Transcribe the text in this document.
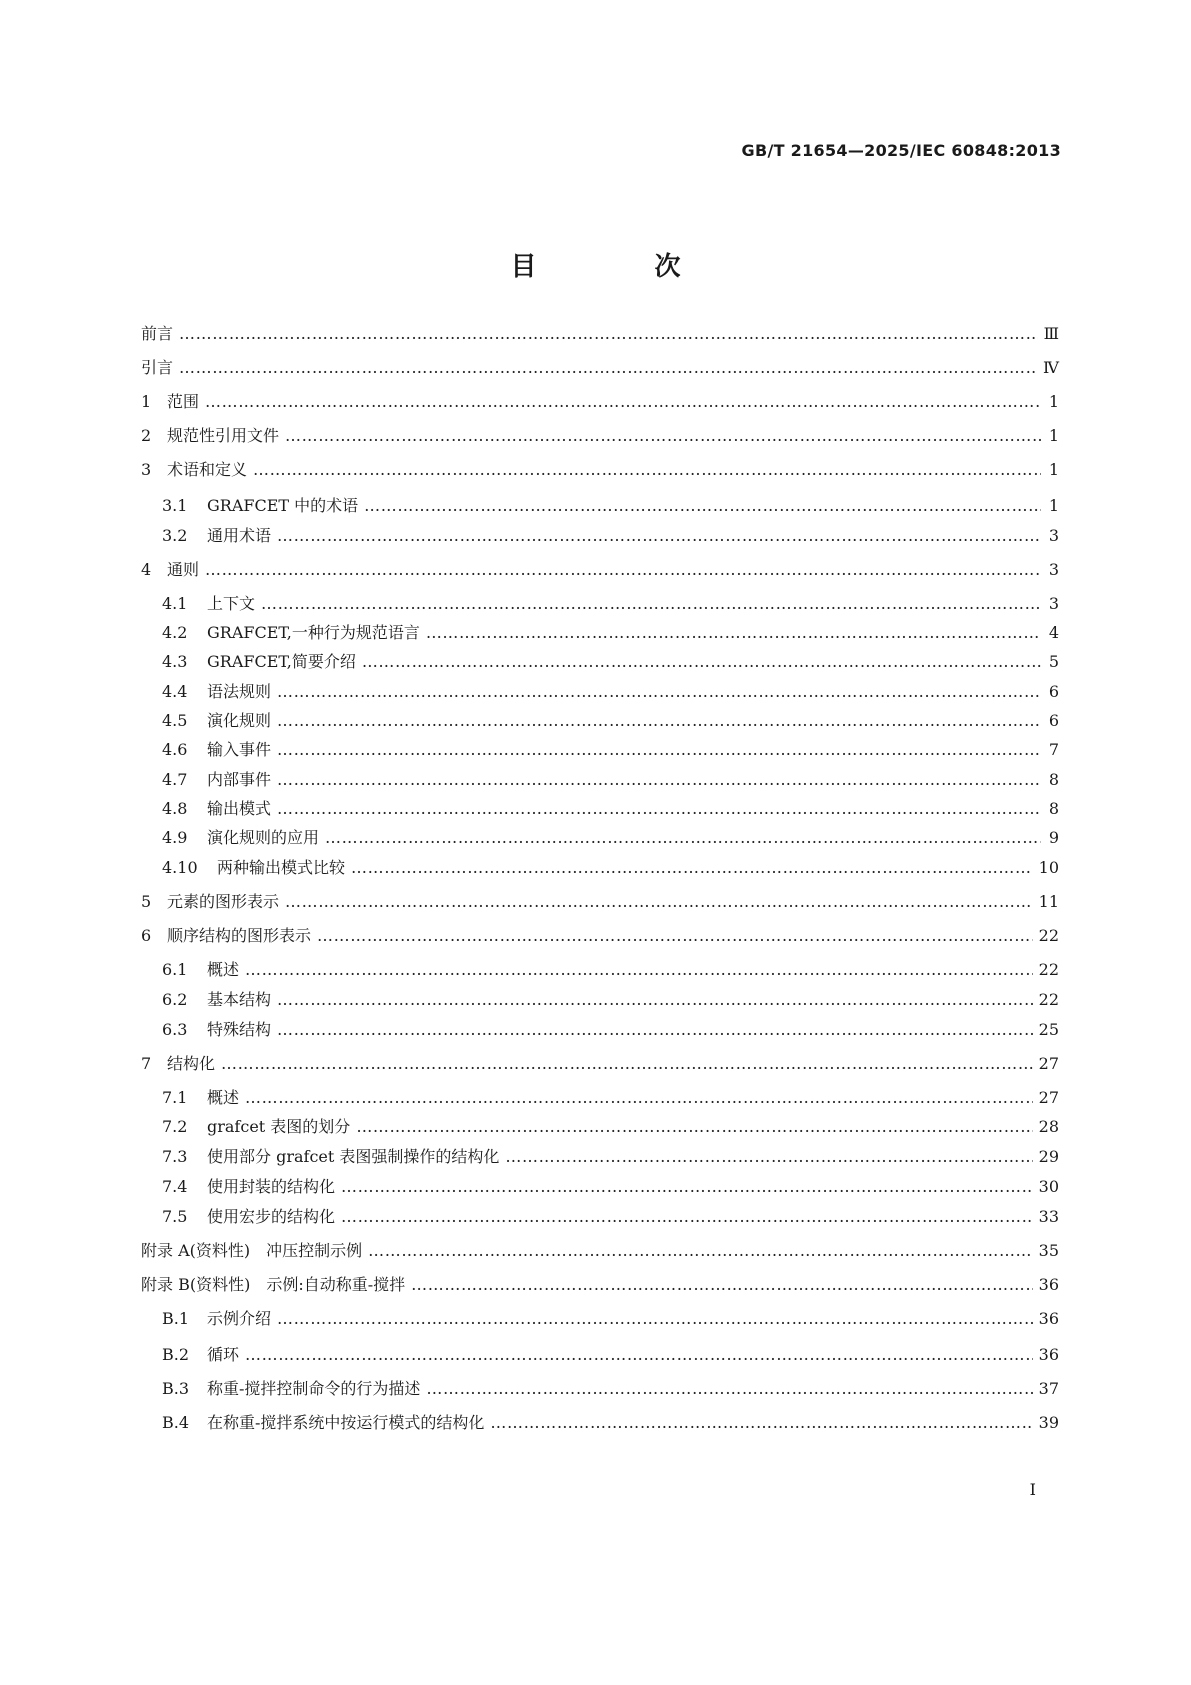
GB/T 21654—2025/IEC 60848:2013
目　次
前言 ……………………………………………………………………………………………………………………………………………………………………………………………………………………	Ⅲ
引言 ……………………………………………………………………………………………………………………………………………………………………………………………………………………	Ⅳ
1 范围 ……………………………………………………………………………………………………………………………………………………………………………………………………………………	1
2 规范性引用文件 ……………………………………………………………………………………………………………………………………………………………………………………………………………………	1
3 术语和定义 ……………………………………………………………………………………………………………………………………………………………………………………………………………………	1
3.1	GRAFCET 中的术语 ……………………………………………………………………………………………………………………………………………………………………………………………………………………	1
3.2	通用术语 ……………………………………………………………………………………………………………………………………………………………………………………………………………………	3
4 通则 ……………………………………………………………………………………………………………………………………………………………………………………………………………………	3
4.1	上下文 ……………………………………………………………………………………………………………………………………………………………………………………………………………………	3
4.2	GRAFCET,一种行为规范语言 ……………………………………………………………………………………………………………………………………………………………………………………………………………………	4
4.3	GRAFCET,简要介绍 ……………………………………………………………………………………………………………………………………………………………………………………………………………………	5
4.4	语法规则 ……………………………………………………………………………………………………………………………………………………………………………………………………………………	6
4.5	演化规则 ……………………………………………………………………………………………………………………………………………………………………………………………………………………	6
4.6	输入事件 ……………………………………………………………………………………………………………………………………………………………………………………………………………………	7
4.7	内部事件 ……………………………………………………………………………………………………………………………………………………………………………………………………………………	8
4.8	输出模式 ……………………………………………………………………………………………………………………………………………………………………………………………………………………	8
4.9	演化规则的应用 ……………………………………………………………………………………………………………………………………………………………………………………………………………………	9
4.10	两种输出模式比较 ……………………………………………………………………………………………………………………………………………………………………………………………………………………	10
5 元素的图形表示 ……………………………………………………………………………………………………………………………………………………………………………………………………………………	11
6 顺序结构的图形表示 ……………………………………………………………………………………………………………………………………………………………………………………………………………………	22
6.1	概述 ……………………………………………………………………………………………………………………………………………………………………………………………………………………	22
6.2	基本结构 ……………………………………………………………………………………………………………………………………………………………………………………………………………………	22
6.3	特殊结构 ……………………………………………………………………………………………………………………………………………………………………………………………………………………	25
7 结构化 ……………………………………………………………………………………………………………………………………………………………………………………………………………………	27
7.1	概述 ……………………………………………………………………………………………………………………………………………………………………………………………………………………	27
7.2	grafcet 表图的划分 ……………………………………………………………………………………………………………………………………………………………………………………………………………………	28
7.3	使用部分 grafcet 表图强制操作的结构化 ……………………………………………………………………………………………………………………………………………………………………………………………………………………	29
7.4	使用封装的结构化 ……………………………………………………………………………………………………………………………………………………………………………………………………………………	30
7.5	使用宏步的结构化 ……………………………………………………………………………………………………………………………………………………………………………………………………………………	33
附录 A(资料性)　冲压控制示例 ……………………………………………………………………………………………………………………………………………………………………………………………………………………	35
附录 B(资料性)　示例:自动称重-搅拌 ……………………………………………………………………………………………………………………………………………………………………………………………………………………	36
B.1	示例介绍 ……………………………………………………………………………………………………………………………………………………………………………………………………………………	36
B.2	循环 ……………………………………………………………………………………………………………………………………………………………………………………………………………………	36
B.3	称重-搅拌控制命令的行为描述 ……………………………………………………………………………………………………………………………………………………………………………………………………………………	37
B.4	在称重-搅拌系统中按运行模式的结构化 ……………………………………………………………………………………………………………………………………………………………………………………………………………………	39
I
